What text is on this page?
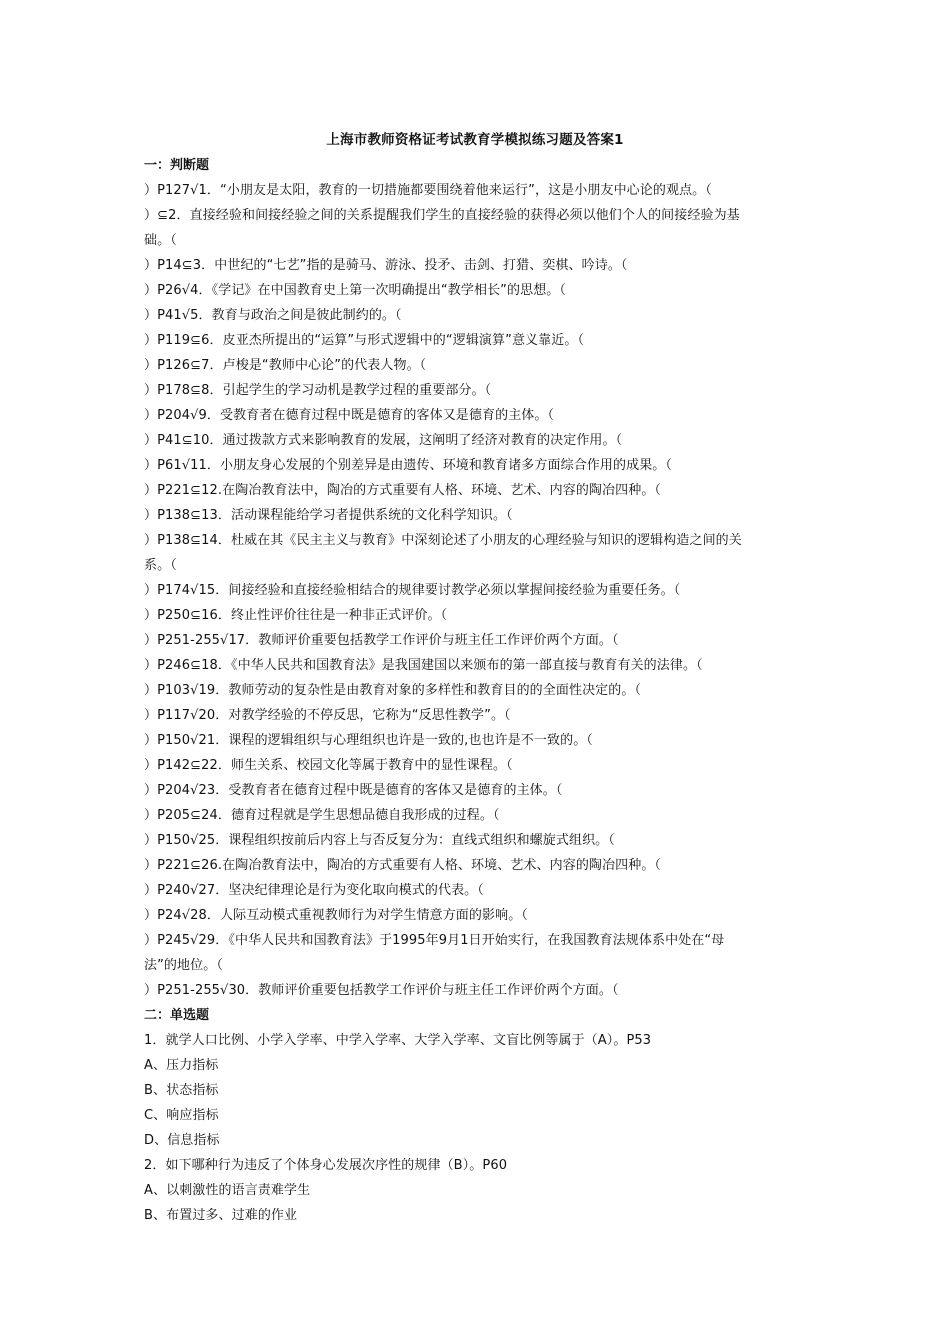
上海市教师资格证考试教育学模拟练习题及答案1
一：判断题
）P127√1．“小朋友是太阳，教育的一切措施都要围绕着他来运行”，这是小朋友中心论的观点。（
）⊆2．直接经验和间接经验之间的关系提醒我们学生的直接经验的获得必须以他们个人的间接经验为基
础。（
）P14⊆3．中世纪的“七艺”指的是骑马、游泳、投矛、击剑、打猎、奕棋、吟诗。（
）P26√4．《学记》在中国教育史上第一次明确提出“教学相长”的思想。（
）P41√5．教育与政治之间是彼此制约的。（
）P119⊆6．皮亚杰所提出的“运算”与形式逻辑中的“逻辑演算”意义靠近。（
）P126⊆7．卢梭是“教师中心论”的代表人物。（
）P178⊆8．引起学生的学习动机是教学过程的重要部分。（
）P204√9．受教育者在德育过程中既是德育的客体又是德育的主体。（
）P41⊆10．通过拨款方式来影响教育的发展，这阐明了经济对教育的决定作用。（
）P61√11．小朋友身心发展的个别差异是由遗传、环境和教育诸多方面综合作用的成果。（
）P221⊆12.在陶冶教育法中，陶冶的方式重要有人格、环境、艺术、内容的陶冶四种。（
）P138⊆13．活动课程能给学习者提供系统的文化科学知识。（
）P138⊆14．杜威在其《民主主义与教育》中深刻论述了小朋友的心理经验与知识的逻辑构造之间的关
系。（
）P174√15．间接经验和直接经验相结合的规律要讨教学必须以掌握间接经验为重要任务。（
）P250⊆16．终止性评价往往是一种非正式评价。（
）P251-255√17．教师评价重要包括教学工作评价与班主任工作评价两个方面。（
）P246⊆18．《中华人民共和国教育法》是我国建国以来颁布的第一部直接与教育有关的法律。（
）P103√19．教师劳动的复杂性是由教育对象的多样性和教育目的的全面性决定的。（
）P117√20．对教学经验的不停反思，它称为“反思性教学”。（
）P150√21．课程的逻辑组织与心理组织也许是一致的,也也许是不一致的。（
）P142⊆22．师生关系、校园文化等属于教育中的显性课程。（
）P204√23．受教育者在德育过程中既是德育的客体又是德育的主体。（
）P205⊆24．德育过程就是学生思想品德自我形成的过程。（
）P150√25．课程组织按前后内容上与否反复分为：直线式组织和螺旋式组织。（
）P221⊆26.在陶冶教育法中，陶冶的方式重要有人格、环境、艺术、内容的陶冶四种。（
）P240√27．坚决纪律理论是行为变化取向模式的代表。（
）P24√28．人际互动模式重视教师行为对学生情意方面的影响。（
）P245√29．《中华人民共和国教育法》于1995年9月1日开始实行，在我国教育法规体系中处在“母
法”的地位。（
）P251-255√30．教师评价重要包括教学工作评价与班主任工作评价两个方面。（
二：单选题
1．就学人口比例、小学入学率、中学入学率、大学入学率、文盲比例等属于（A）。P53
A、压力指标
B、状态指标
C、响应指标
D、信息指标
2．如下哪种行为违反了个体身心发展次序性的规律（B）。P60
A、以刺激性的语言责难学生
B、布置过多、过难的作业
